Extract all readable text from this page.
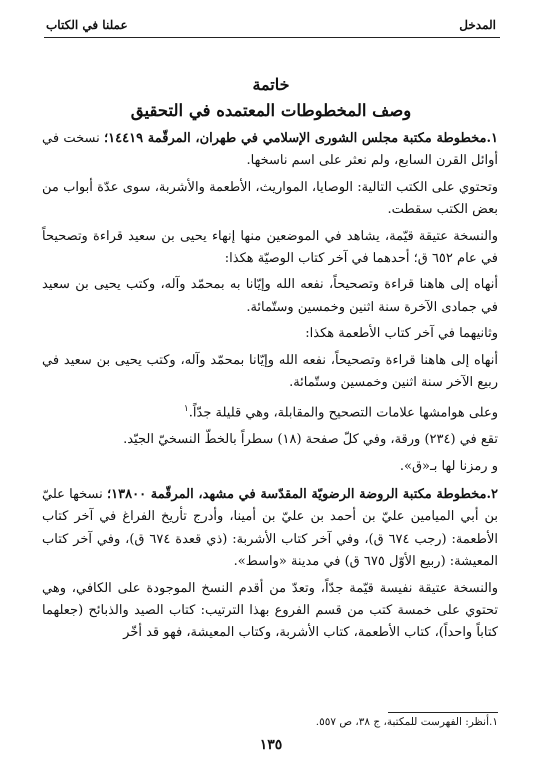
المدخل
عملنا في الكتاب
خاتمة
وصف المخطوطات المعتمده في التحقيق

١.مخطوطة مكتبة مجلس الشورى الإسلامي في طهران، المرقّمة ١٤٤١٩؛ نسخت في أوائل القرن السابع، ولم نعثر على اسم ناسخها.

وتحتوي على الكتب التالية: الوصايا، المواريث، الأطعمة والأشربة، سوى عدّة أبواب من بعض الكتب سقطت.

والنسخة عتيقة قيّمة، يشاهد في الموضعين منها إنهاء يحيى بن سعيد قراءة وتصحيحاً في عام ٦٥٢ ق؛ أحدهما في آخر كتاب الوصيّة هكذا:

أنهاه إلى هاهنا قراءة وتصحيحاً، نفعه الله وإيّانا به بمحمّد وآله، وكتب يحيى بن سعيد في جمادى الآخرة سنة اثنين وخمسين وستّمائة.

وثانيهما في آخر كتاب الأطعمة هكذا:

أنهاه إلى هاهنا قراءة وتصحيحاً، نفعه الله وإيّانا بمحمّد وآله، وكتب يحيى بن سعيد في ربيع الآخر سنة اثنين وخمسين وستّمائة.

وعلى هوامشها علامات التصحيح والمقابلة، وهي قليلة جدّاً.$^١$

تقع في (٢٣٤) ورقة، وفي كلّ صفحة (١٨) سطراً بالخطّ النسخيّ الجيّد.

و رمزنا لها بـ«ق».

٢.مخطوطة مكتبة الروضة الرضويّة المقدّسة في مشهد، المرقّمة ١٣٨٠٠؛ نسخها عليّ بن أبي الميامين عليّ بن أحمد بن عليّ بن أمينا، وأدرج تأريخ الفراغ في آخر كتاب الأطعمة: (رجب ٦٧٤ ق)، وفي آخر كتاب الأشربة: (ذي قعدة ٦٧٤ ق)، وفي آخر كتاب المعيشة: (ربيع الأوّل ٦٧٥ ق) في مدينة «واسط».

والنسخة عتيقة نفيسة قيّمة جدّاً، وتعدّ من أقدم النسخ الموجودة على الكافي، وهي تحتوي على خمسة كتب من قسم الفروع بهذا الترتيب: كتاب الصيد والذبائح (جعلهما كتاباً واحداً)، كتاب الأطعمة، كتاب الأشربة، وكتاب المعيشة، فهو قد أخّر

١.أنظر: الفهرست للمكتبة، ج ٣٨، ص ٥٥٧.
١٣٥
